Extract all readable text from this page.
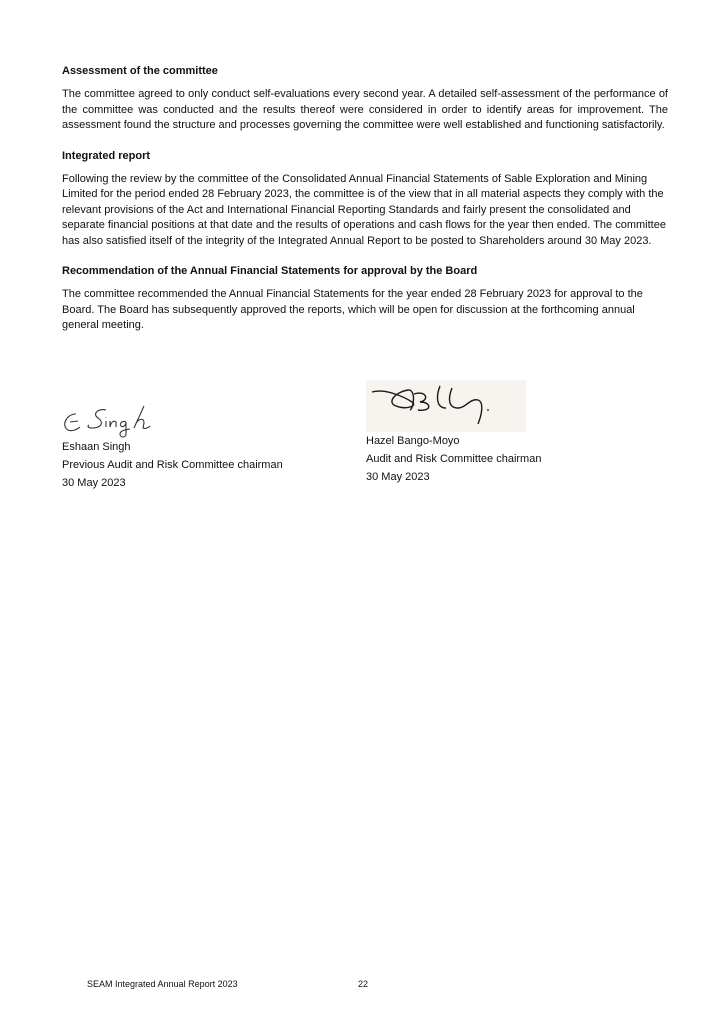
Assessment of the committee

The committee agreed to only conduct self-evaluations every second year. A detailed self-assessment of the performance of the committee was conducted and the results thereof were considered in order to identify areas for improvement. The assessment found the structure and processes governing the committee were well established and functioning satisfactorily.

Integrated report

Following the review by the committee of the Consolidated Annual Financial Statements of Sable Exploration and Mining Limited for the period ended 28 February 2023, the committee is of the view that in all material aspects they comply with the relevant provisions of the Act and International Financial Reporting Standards and fairly present the consolidated and separate financial positions at that date and the results of operations and cash flows for the year then ended. The committee has also satisfied itself of the integrity of the Integrated Annual Report to be posted to Shareholders around 30 May 2023.

Recommendation of the Annual Financial Statements for approval by the Board

The committee recommended the Annual Financial Statements for the year ended 28 February 2023 for approval to the Board. The Board has subsequently approved the reports, which will be open for discussion at the forthcoming annual general meeting.

Eshaan Singh
Previous Audit and Risk Committee chairman
30 May 2023
Hazel Bango-Moyo
Audit and Risk Committee chairman
30 May 2023
SEAM Integrated Annual Report 2023	22
